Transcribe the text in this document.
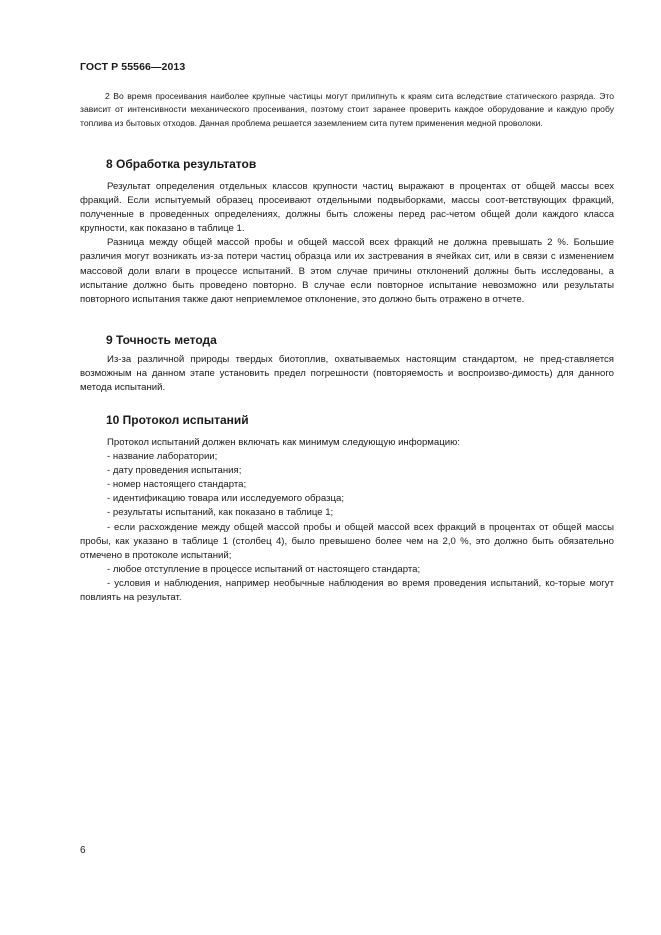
ГОСТ Р 55566—2013

2 Во время просеивания наиболее крупные частицы могут прилипнуть к краям сита вследствие статического разряда. Это зависит от интенсивности механического просеивания, поэтому стоит заранее проверить каждое оборудование и каждую пробу топлива из бытовых отходов. Данная проблема решается заземлением сита путем применения медной проволоки.

8 Обработка результатов

Результат определения отдельных классов крупности частиц выражают в процентах от общей массы всех фракций. Если испытуемый образец просеивают отдельными подвыборками, массы соот-ветствующих фракций, полученные в проведенных определениях, должны быть сложены перед рас-четом общей доли каждого класса крупности, как показано в таблице 1.

Разница между общей массой пробы и общей массой всех фракций не должна превышать 2 %. Большие различия могут возникать из-за потери частиц образца или их застревания в ячейках сит, или в связи с изменением массовой доли влаги в процессе испытаний. В этом случае причины отклонений должны быть исследованы, а испытание должно быть проведено повторно. В случае если повторное испытание невозможно или результаты повторного испытания также дают неприемлемое отклонение, это должно быть отражено в отчете.

9 Точность метода

Из-за различной природы твердых биотоплив, охватываемых настоящим стандартом, не пред-ставляется возможным на данном этапе установить предел погрешности (повторяемость и воспроизво-димость) для данного метода испытаний.

10 Протокол испытаний

Протокол испытаний должен включать как минимум следующую информацию:

- название лаборатории;

- дату проведения испытания;

- номер настоящего стандарта;

- идентификацию товара или исследуемого образца;

- результаты испытаний, как показано в таблице 1;

- если расхождение между общей массой пробы и общей массой всех фракций в процентах от общей массы пробы, как указано в таблице 1 (столбец 4), было превышено более чем на 2,0 %, это должно быть обязательно отмечено в протоколе испытаний;

- любое отступление в процессе испытаний от настоящего стандарта;

- условия и наблюдения, например необычные наблюдения во время проведения испытаний, ко-торые могут повлиять на результат.

6
